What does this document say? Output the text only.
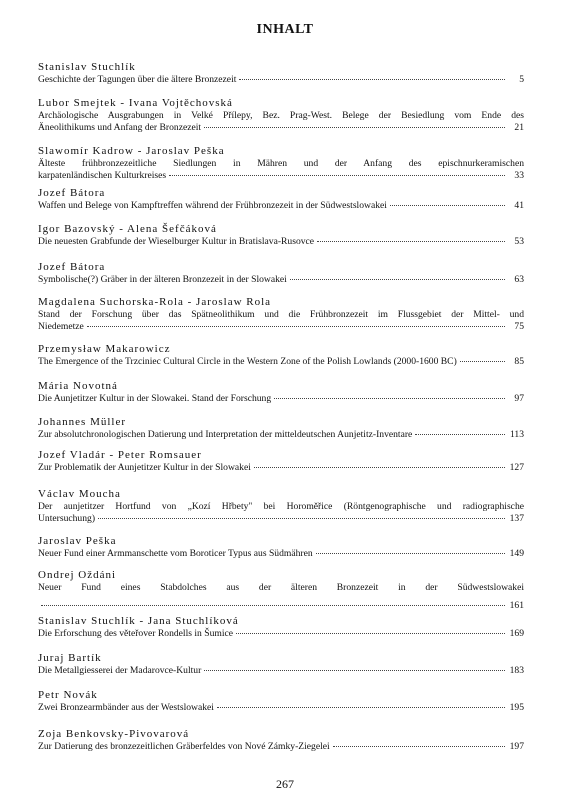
INHALT
Stanislav Stuchlík
Geschichte der Tagungen über die ältere Bronzezeit	5
Lubor Smejtek - Ivana Vojtěchovská
Archäologische Ausgrabungen in Velké Přílepy, Bez. Prag-West. Belege der Besiedlung vom Ende des
Äneolithikums und Anfang der Bronzezeit	21
Slawomír Kadrow - Jaroslav Peška
Älteste frühbronzezeitliche Siedlungen in Mähren und der Anfang des epischnurkeramischen
karpatenländischen Kulturkreises	33
Jozef Bátora
Waffen und Belege von Kampftreffen während der Frühbronzezeit in der Südwestslowakei	41
Igor Bazovský - Alena Šefčáková
Die neuesten Grabfunde der Wieselburger Kultur in Bratislava-Rusovce	53
Jozef Bátora
Symbolische(?) Gräber in der älteren Bronzezeit in der Slowakei	63
Magdalena Suchorska-Rola - Jaroslaw Rola
Stand der Forschung über das Spätneolithikum und die Frühbronzezeit im Flussgebiet der Mittel- und
Niedemetze	75
Przemysław Makarowicz
The Emergence of the Trzciniec Cultural Circle in the Western Zone of the Polish Lowlands (2000-1600 BC)	85
Mária Novotná
Die Aunjetitzer Kultur in der Slowakei. Stand der Forschung	97
Johannes Müller
Zur absolutchronologischen Datierung und Interpretation der mitteldeutschen Aunjetitz-Inventare	113
Jozef Vladár - Peter Romsauer
Zur Problematik der Aunjetitzer Kultur in der Slowakei	127
Václav Moucha
Der aunjetitzer Hortfund von „Kozí Hřbety" bei Horoměřice (Röntgenographische und radiographische
Untersuchung)	137
Jaroslav Peška
Neuer Fund einer Armmanschette vom Boroticer Typus aus Südmähren	149
Ondrej Oždáni
Neuer Fund eines Stabdolches aus der älteren Bronzezeit in der Südwestslowakei
161
Stanislav Stuchlík - Jana Stuchlíková
Die Erforschung des věteřover Rondells in Šumice	169
Juraj Bartík
Die Metallgiesserei der Madarovce-Kultur	183
Petr Novák
Zwei Bronzearmbänder aus der Westslowakei	195
Zoja Benkovsky-Pivovarová
Zur Datierung des bronzezeitlichen Gräberfeldes von Nové Zámky-Ziegelei	197
267
